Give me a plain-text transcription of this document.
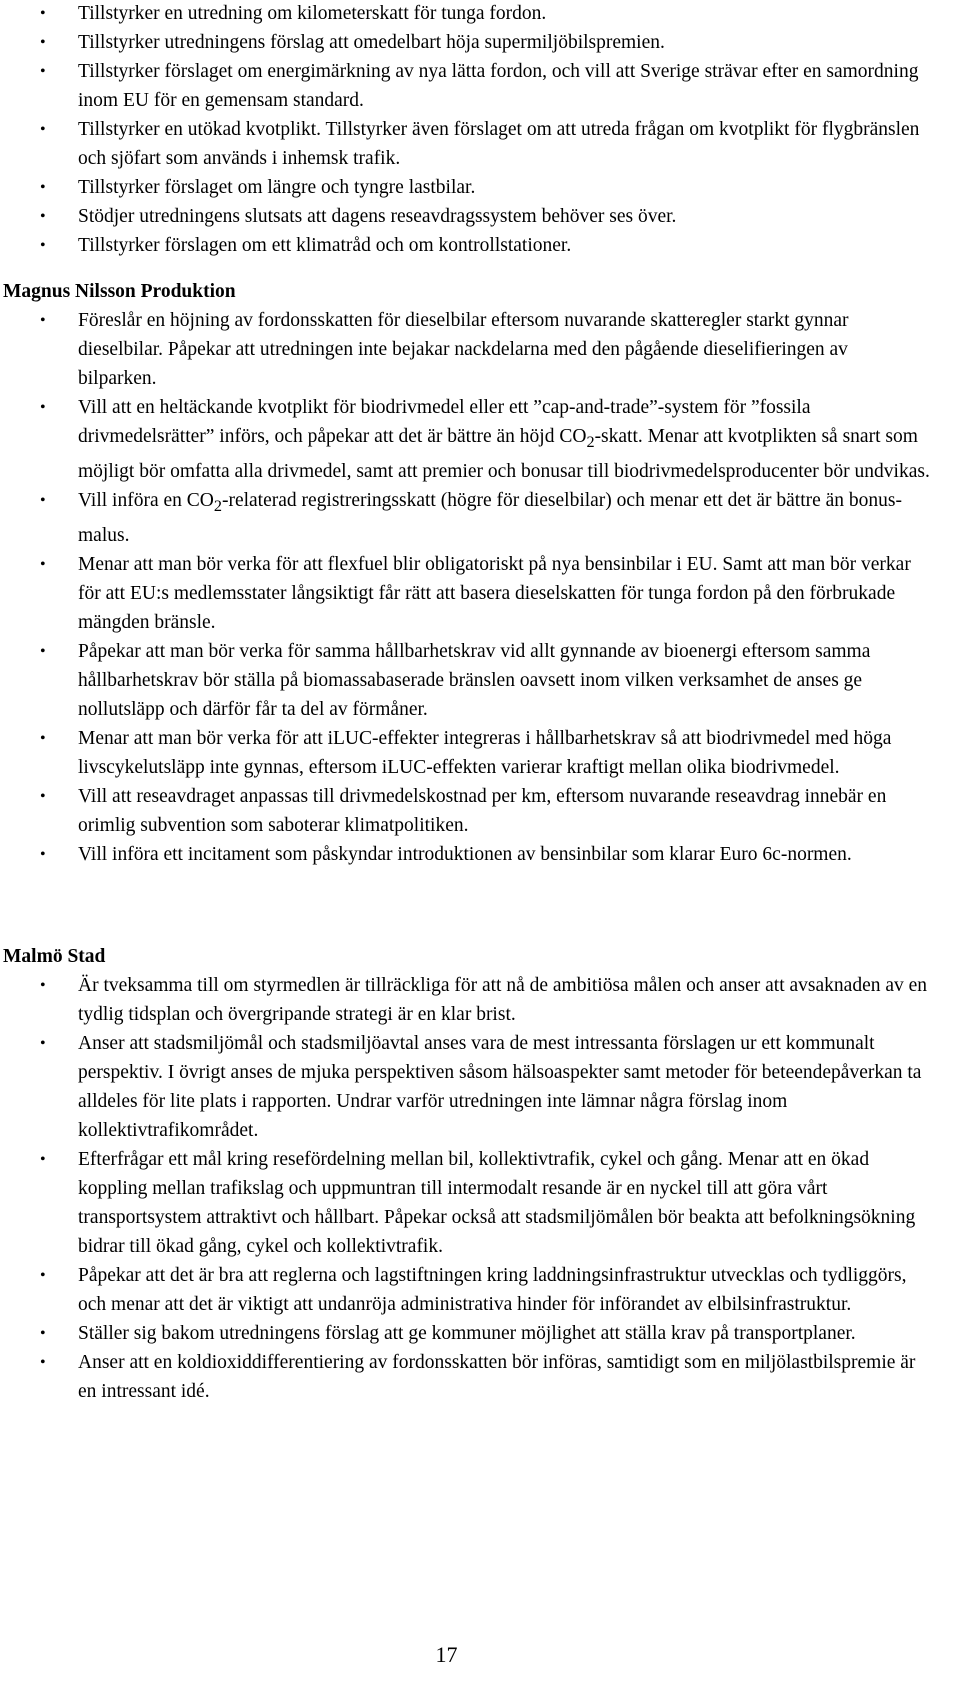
• Tillstyrker en utredning om kilometerskatt för tunga fordon.
• Tillstyrker utredningens förslag att omedelbart höja supermiljöbilspremien.
• Tillstyrker förslaget om energimärkning av nya lätta fordon, och vill att Sverige strävar efter en samordning inom EU för en gemensam standard.
• Tillstyrker en utökad kvotplikt. Tillstyrker även förslaget om att utreda frågan om kvotplikt för flygbränslen och sjöfart som används i inhemsk trafik.
• Tillstyrker förslaget om längre och tyngre lastbilar.
• Stödjer utredningens slutsats att dagens reseavdragssystem behöver ses över.
• Tillstyrker förslagen om ett klimatråd och om kontrollstationer.
Magnus Nilsson Produktion
• Föreslår en höjning av fordonsskatten för dieselbilar eftersom nuvarande skatteregler starkt gynnar dieselbilar. Påpekar att utredningen inte bejakar nackdelarna med den pågående dieselifieringen av bilparken.
• Vill att en heltäckande kvotplikt för biodrivmedel eller ett ”cap-and-trade”-system för ”fossila drivmedelsrätter” införs, och påpekar att det är bättre än höjd $CO_2$-skatt. Menar att kvotplikten så snart som möjligt bör omfatta alla drivmedel, samt att premier och bonusar till biodrivmedelsproducenter bör undvikas.
• Vill införa en $CO_2$-relaterad registreringsskatt (högre för dieselbilar) och menar ett det är bättre än bonus-malus.
• Menar att man bör verka för att flexfuel blir obligatoriskt på nya bensinbilar i EU. Samt att man bör verkar för att EU:s medlemsstater långsiktigt får rätt att basera dieselskatten för tunga fordon på den förbrukade mängden bränsle.
• Påpekar att man bör verka för samma hållbarhetskrav vid allt gynnande av bioenergi eftersom samma hållbarhetskrav bör ställa på biomassabaserade bränslen oavsett inom vilken verksamhet de anses ge nollutsläpp och därför får ta del av förmåner.
• Menar att man bör verka för att iLUC-effekter integreras i hållbarhetskrav så att biodrivmedel med höga livscykelutsläpp inte gynnas, eftersom iLUC-effekten varierar kraftigt mellan olika biodrivmedel.
• Vill att reseavdraget anpassas till drivmedelskostnad per km, eftersom nuvarande reseavdrag innebär en orimlig subvention som saboterar klimatpolitiken.
• Vill införa ett incitament som påskyndar introduktionen av bensinbilar som klarar Euro 6c-normen.
Malmö Stad
• Är tveksamma till om styrmedlen är tillräckliga för att nå de ambitiösa målen och anser att avsaknaden av en tydlig tidsplan och övergripande strategi är en klar brist.
• Anser att stadsmiljömål och stadsmiljöavtal anses vara de mest intressanta förslagen ur ett kommunalt perspektiv. I övrigt anses de mjuka perspektiven såsom hälsoaspekter samt metoder för beteendepåverkan ta alldeles för lite plats i rapporten. Undrar varför utredningen inte lämnar några förslag inom kollektivtrafikområdet.
• Efterfrågar ett mål kring resefördelning mellan bil, kollektivtrafik, cykel och gång. Menar att en ökad koppling mellan trafikslag och uppmuntran till intermodalt resande är en nyckel till att göra vårt transportsystem attraktivt och hållbart. Påpekar också att stadsmiljömålen bör beakta att befolkningsökning bidrar till ökad gång, cykel och kollektivtrafik.
• Påpekar att det är bra att reglerna och lagstiftningen kring laddningsinfrastruktur utvecklas och tydliggörs, och menar att det är viktigt att undanröja administrativa hinder för införandet av elbilsinfrastruktur.
• Ställer sig bakom utredningens förslag att ge kommuner möjlighet att ställa krav på transportplaner.
• Anser att en koldioxiddifferentiering av fordonsskatten bör införas, samtidigt som en miljölastbilspremie är en intressant idé.
17
